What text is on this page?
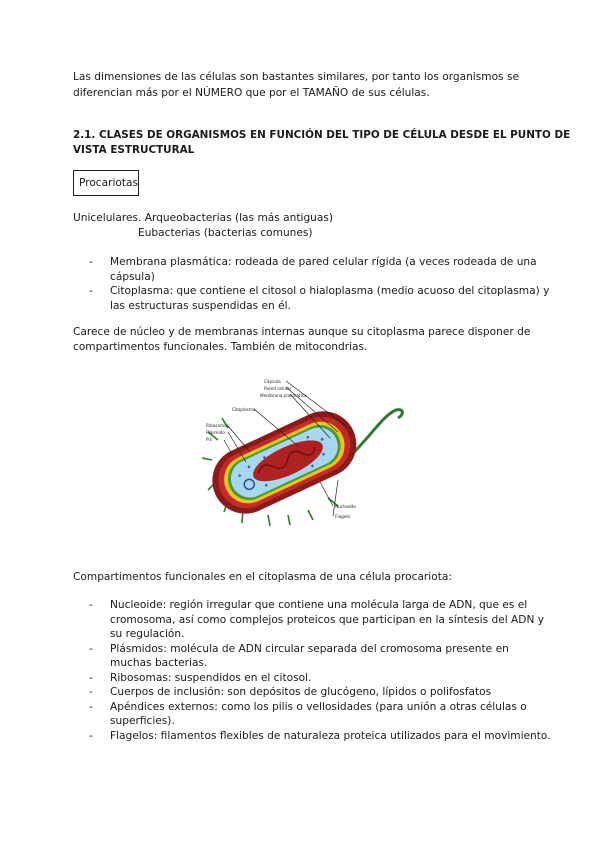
Las dimensiones de las células son bastantes similares, por tanto los organismos se

diferencian más por el NÚMERO que por el TAMAÑO de sus células.

2.1. CLASES DE ORGANISMOS EN FUNCIÓN DEL TIPO DE CÉLULA DESDE EL PUNTO DE

VISTA ESTRUCTURAL

Procariotas

Unicelulares. Arqueobacterias (las más antiguas)

Eubacterias (bacterias comunes)

- Membrana plasmática: rodeada de pared celular rígida (a veces rodeada de una
cápsula)
- Citoplasma: que contiene el citosol o hialoplasma (medio acuoso del citoplasma) y
las estructuras suspendidas en él.

Carece de núcleo y de membranas internas aunque su citoplasma parece disponer de

compartimentos funcionales. También de mitocondrias.

Cápsula
Pared celular
Membrana plasmática
Citoplasma
Ribosomas
Plásmido
Pili
Nucleoide
Flagelo

Compartimentos funcionales en el citoplasma de una célula procariota:

- Nucleoide: región irregular que contiene una molécula larga de ADN, que es el
cromosoma, así como complejos proteicos que participan en la síntesis del ADN y
su regulación.
- Plásmidos: molécula de ADN circular separada del cromosoma presente en
muchas bacterias.
- Ribosomas: suspendidos en el citosol.
- Cuerpos de inclusión: son depósitos de glucógeno, lípidos o polifosfatos
- Apéndices externos: como los pilis o vellosidades (para unión a otras células o
superficies).
- Flagelos: filamentos flexibles de naturaleza proteica utilizados para el movimiento.
